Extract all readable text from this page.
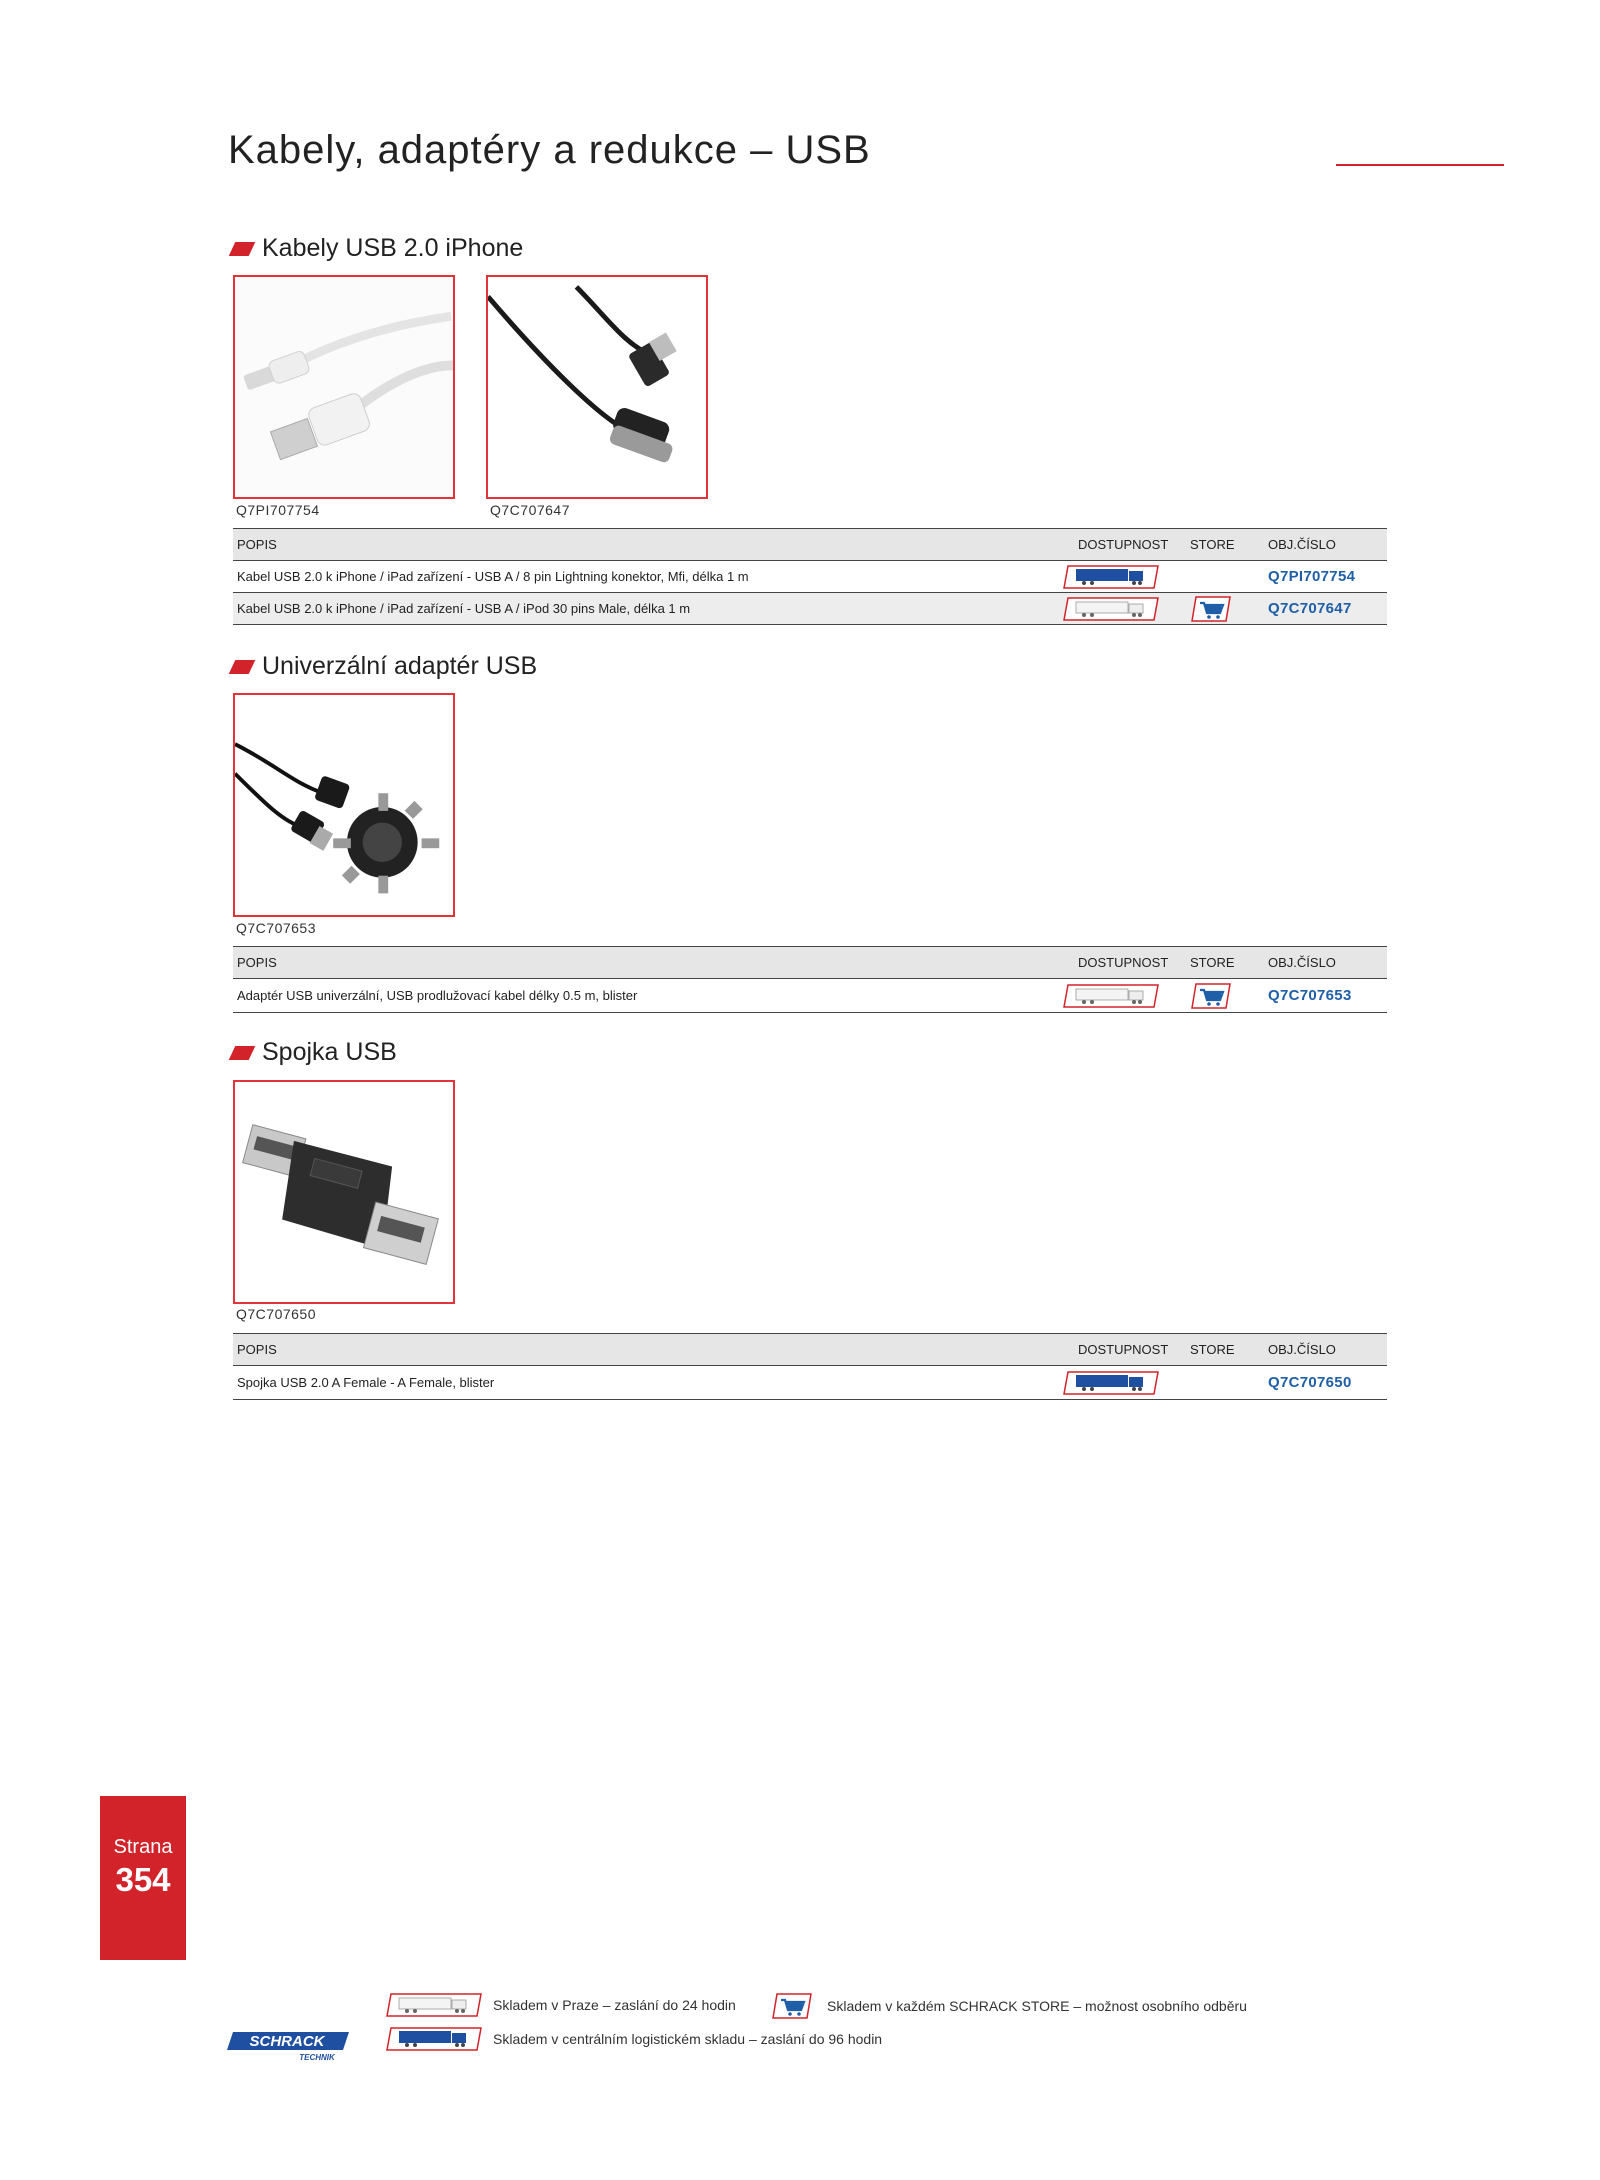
Kabely, adaptéry a redukce – USB
Kabely USB 2.0 iPhone
Q7PI707754	Q7C707647
POPIS	DOSTUPNOST	STORE	OBJ.ČÍSLO
Kabel USB 2.0 k iPhone / iPad zařízení - USB A / 8 pin Lightning konektor, Mfi, délka 1 m			Q7PI707754
Kabel USB 2.0 k iPhone / iPad zařízení - USB A / iPod 30 pins Male, délka 1 m			Q7C707647
Univerzální adaptér USB
Q7C707653
POPIS	DOSTUPNOST	STORE	OBJ.ČÍSLO
Adaptér USB univerzální, USB prodlužovací kabel délky 0.5 m, blister			Q7C707653
Spojka USB
Q7C707650
POPIS	DOSTUPNOST	STORE	OBJ.ČÍSLO
Spojka USB 2.0 A Female - A Female, blister			Q7C707650
Strana
354
SCHRACK
TECHNIK
Skladem v Praze – zaslání do 24 hodin	Skladem v každém SCHRACK STORE – možnost osobního odběru
Skladem v centrálním logistickém skladu – zaslání do 96 hodin
